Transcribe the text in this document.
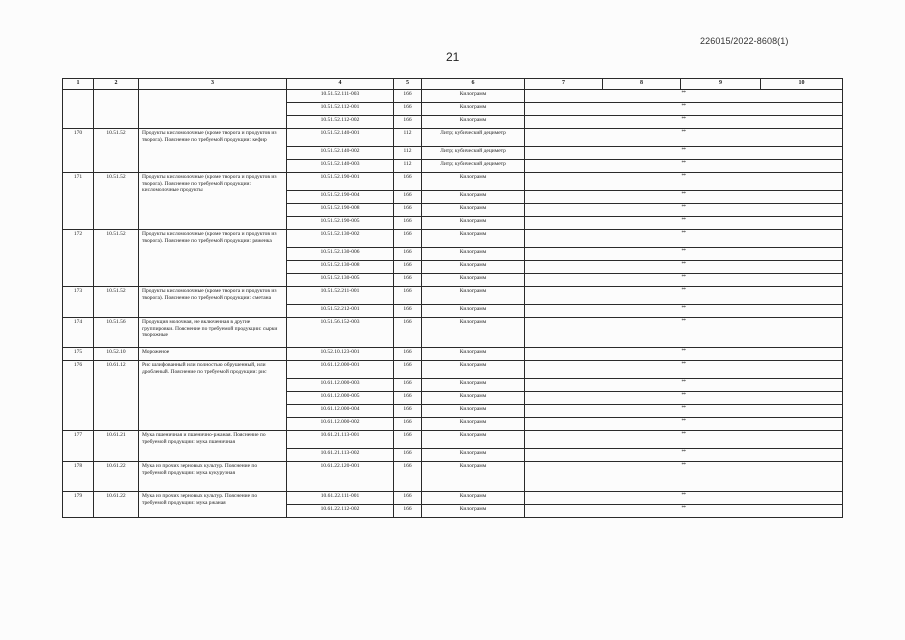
226015/2022-8608(1)
21
1	2	3	4	5	6	7	8	9	10
			10.51.52.111-003	166	Килограмм	**			
			10.51.52.112-001	166	Килограмм	**			
			10.51.52.112-002	166	Килограмм	**			
170	10.51.52	Продукты кисломолочные (кроме творога и продуктов из творога). Пояснение по требуемой продукции: кефир	10.51.52.140-001	112	Литр; кубический дециметр	**			
			10.51.52.140-002	112	Литр; кубический дециметр	**			
			10.51.52.140-003	112	Литр; кубический дециметр	**			
171	10.51.52	Продукты кисломолочные (кроме творога и продуктов из творога). Пояснение по требуемой продукции: кисломолочные продукты	10.51.52.190-001	166	Килограмм	**			
			10.51.52.190-004	166	Килограмм	**			
			10.51.52.190-008	166	Килограмм	**			
			10.51.52.190-005	166	Килограмм	**			
172	10.51.52	Продукты кисломолочные (кроме творога и продуктов из творога). Пояснение по требуемой продукции: ряженка	10.51.52.130-002	166	Килограмм	**			
			10.51.52.130-006	166	Килограмм	**			
			10.51.52.130-008	166	Килограмм	**			
			10.51.52.130-005	166	Килограмм	**			
173	10.51.52	Продукты кисломолочные (кроме творога и продуктов из творога). Пояснение по требуемой продукции: сметана	10.51.52.211-001	166	Килограмм	**			
			10.51.52.212-001	166	Килограмм	**			
174	10.51.56	Продукция молочная, не включенная в другие группировки. Пояснение по требуемой продукции: сырки творожные	10.51.56.152-003	166	Килограмм	**			
175	10.52.10	Мороженое	10.52.10.123-001	166	Килограмм	**			
176	10.61.12	Рис шлифованный или полностью обрушенный, или дробленый. Пояснение по требуемой продукции: рис	10.61.12.000-001	166	Килограмм	**			
			10.61.12.000-003	166	Килограмм	**			
			10.61.12.000-005	166	Килограмм	**			
			10.61.12.000-004	166	Килограмм	**			
			10.61.12.000-002	166	Килограмм	**			
177	10.61.21	Мука пшеничная и пшенично-ржаная. Пояснение по требуемой продукции: мука пшеничная	10.61.21.113-001	166	Килограмм	**			
			10.61.21.113-002	166	Килограмм	**			
178	10.61.22	Мука из прочих зерновых культур. Пояснение по требуемой продукции: мука кукурузная	10.61.22.120-001	166	Килограмм	**			
179	10.61.22	Мука из прочих зерновых культур. Пояснение по требуемой продукции: мука ржаная	10.61.22.111-001	166	Килограмм	**			
			10.61.22.112-002	166	Килограмм	**			
